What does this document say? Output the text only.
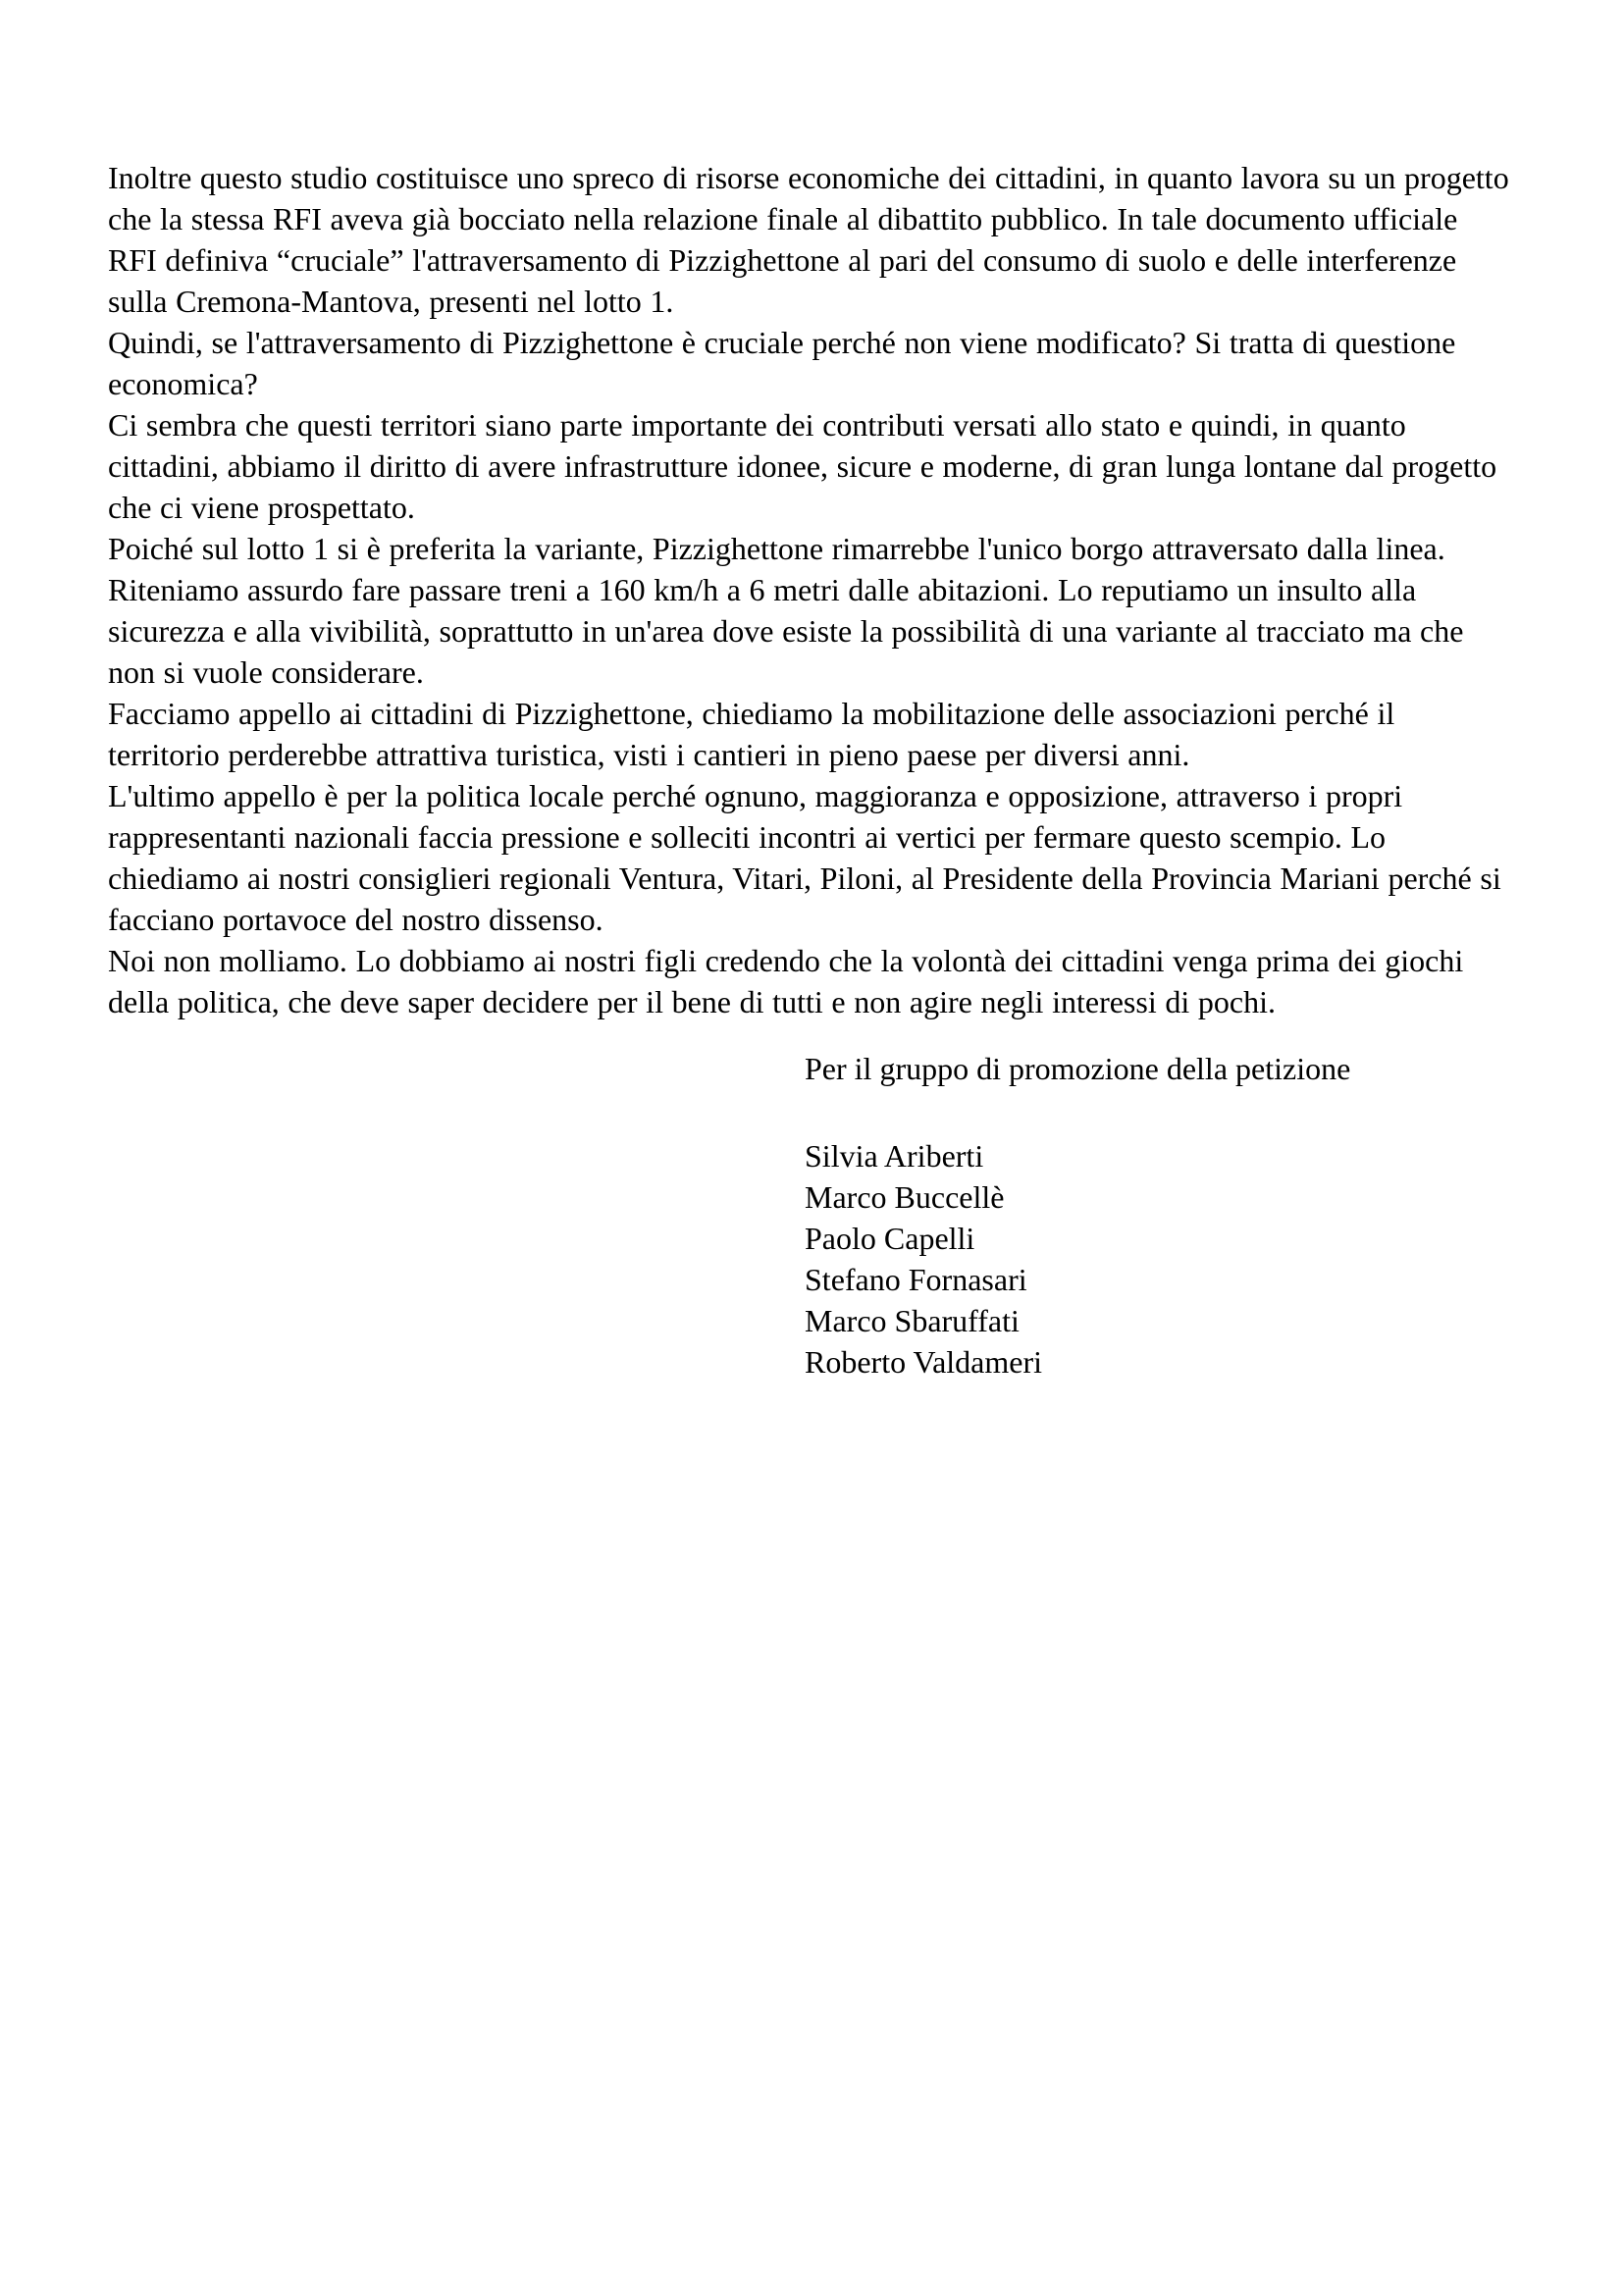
Inoltre questo studio costituisce uno spreco di risorse economiche dei cittadini, in quanto lavora su un progetto che la stessa RFI aveva già bocciato nella relazione finale al dibattito pubblico. In tale documento ufficiale RFI definiva “cruciale” l'attraversamento di Pizzighettone al pari del consumo di suolo e delle interferenze sulla Cremona-Mantova, presenti nel lotto 1.
Quindi, se l'attraversamento di Pizzighettone è cruciale perché non viene modificato? Si tratta di questione economica?
Ci sembra che questi territori siano parte importante dei contributi versati allo stato e quindi, in quanto cittadini, abbiamo il diritto di avere infrastrutture idonee, sicure e moderne, di gran lunga lontane dal progetto che ci viene prospettato.
Poiché sul lotto 1 si è preferita la variante, Pizzighettone rimarrebbe l'unico borgo attraversato dalla linea.
Riteniamo assurdo fare passare treni a 160 km/h a 6 metri dalle abitazioni. Lo reputiamo un insulto alla sicurezza e alla vivibilità, soprattutto in un'area dove esiste la possibilità di una variante al tracciato ma che non si vuole considerare.
Facciamo appello ai cittadini di Pizzighettone, chiediamo la mobilitazione delle associazioni perché il territorio perderebbe attrattiva turistica, visti i cantieri in pieno paese per diversi anni.
L'ultimo appello è per la politica locale perché ognuno, maggioranza e opposizione, attraverso i propri rappresentanti nazionali faccia pressione e solleciti incontri ai vertici per fermare questo scempio. Lo chiediamo ai nostri consiglieri regionali Ventura, Vitari, Piloni, al Presidente della Provincia Mariani perché si facciano portavoce del nostro dissenso.
Noi non molliamo. Lo dobbiamo ai nostri figli credendo che la volontà dei cittadini venga prima dei giochi della politica, che deve saper decidere per il bene di tutti e non agire negli interessi di pochi.

Per il gruppo di promozione della petizione

Silvia Ariberti
Marco Buccellè
Paolo Capelli
Stefano Fornasari
Marco Sbaruffati
Roberto Valdameri
